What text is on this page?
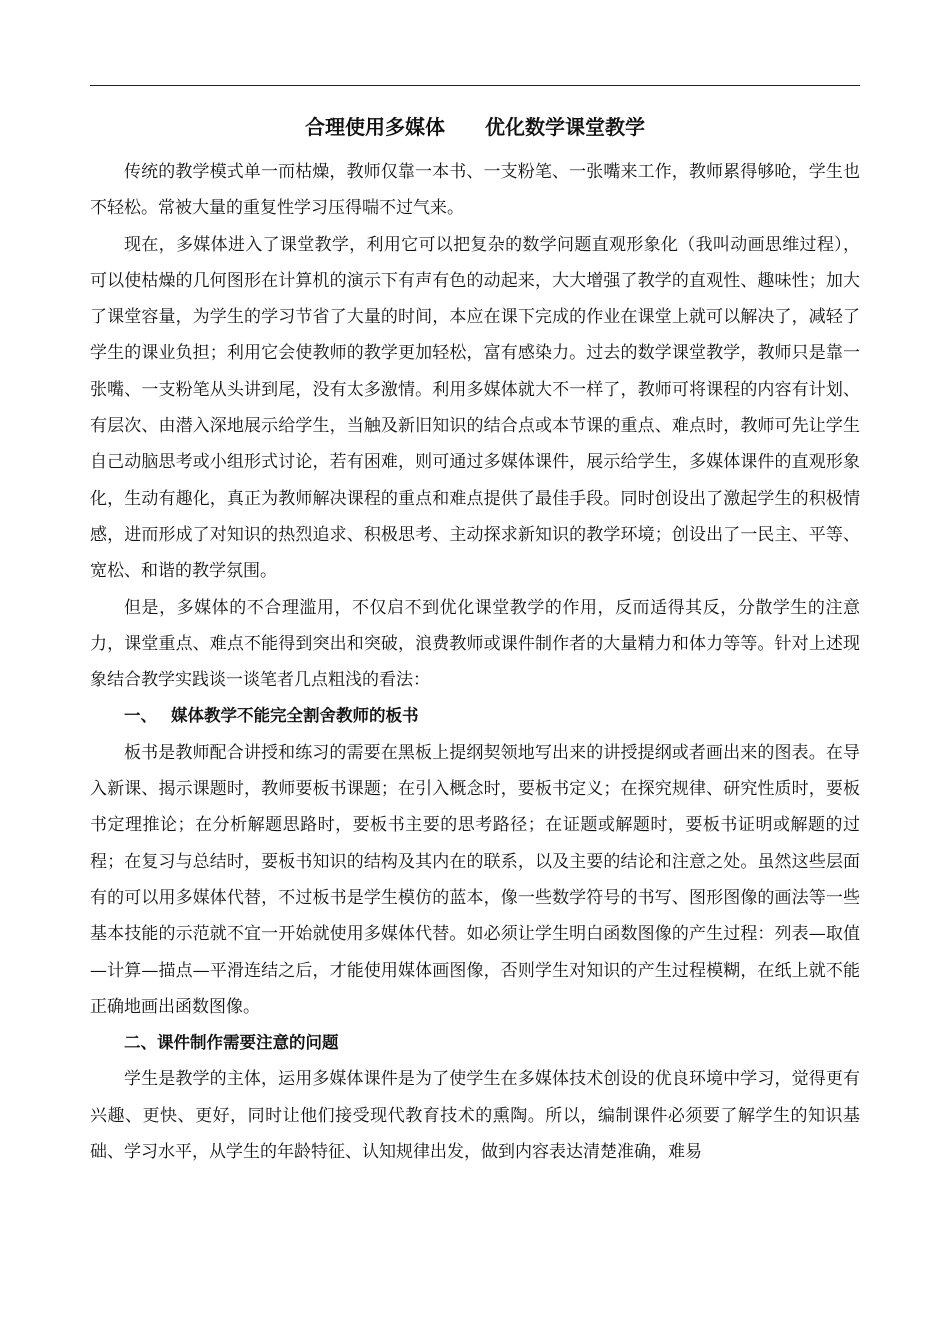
合理使用多媒体　　优化数学课堂教学

传统的教学模式单一而枯燥，教师仅靠一本书、一支粉笔、一张嘴来工作，教师累得够呛，学生也不轻松。常被大量的重复性学习压得喘不过气来。

现在，多媒体进入了课堂教学，利用它可以把复杂的数学问题直观形象化（我叫动画思维过程），可以使枯燥的几何图形在计算机的演示下有声有色的动起来，大大增强了教学的直观性、趣味性；加大了课堂容量，为学生的学习节省了大量的时间，本应在课下完成的作业在课堂上就可以解决了，减轻了学生的课业负担；利用它会使教师的教学更加轻松，富有感染力。过去的数学课堂教学，教师只是靠一张嘴、一支粉笔从头讲到尾，没有太多激情。利用多媒体就大不一样了，教师可将课程的内容有计划、有层次、由潜入深地展示给学生，当触及新旧知识的结合点或本节课的重点、难点时，教师可先让学生自己动脑思考或小组形式讨论，若有困难，则可通过多媒体课件，展示给学生，多媒体课件的直观形象化，生动有趣化，真正为教师解决课程的重点和难点提供了最佳手段。同时创设出了激起学生的积极情感，进而形成了对知识的热烈追求、积极思考、主动探求新知识的教学环境；创设出了一民主、平等、宽松、和谐的教学氛围。

但是，多媒体的不合理滥用，不仅启不到优化课堂教学的作用，反而适得其反，分散学生的注意力，课堂重点、难点不能得到突出和突破，浪费教师或课件制作者的大量精力和体力等等。针对上述现象结合教学实践谈一谈笔者几点粗浅的看法：

一、　 媒体教学不能完全割舍教师的板书

板书是教师配合讲授和练习的需要在黑板上提纲契领地写出来的讲授提纲或者画出来的图表。在导入新课、揭示课题时，教师要板书课题；在引入概念时，要板书定义；在探究规律、研究性质时，要板书定理推论；在分析解题思路时，要板书主要的思考路径；在证题或解题时，要板书证明或解题的过程；在复习与总结时，要板书知识的结构及其内在的联系，以及主要的结论和注意之处。虽然这些层面有的可以用多媒体代替，不过板书是学生模仿的蓝本，像一些数学符号的书写、图形图像的画法等一些基本技能的示范就不宜一开始就使用多媒体代替。如必须让学生明白函数图像的产生过程：列表—取值—计算—描点—平滑连结之后，才能使用媒体画图像，否则学生对知识的产生过程模糊，在纸上就不能正确地画出函数图像。

二、课件制作需要注意的问题

学生是教学的主体，运用多媒体课件是为了使学生在多媒体技术创设的优良环境中学习，觉得更有兴趣、更快、更好，同时让他们接受现代教育技术的熏陶。所以，编制课件必须要了解学生的知识基础、学习水平，从学生的年龄特征、认知规律出发，做到内容表达清楚准确，难易
